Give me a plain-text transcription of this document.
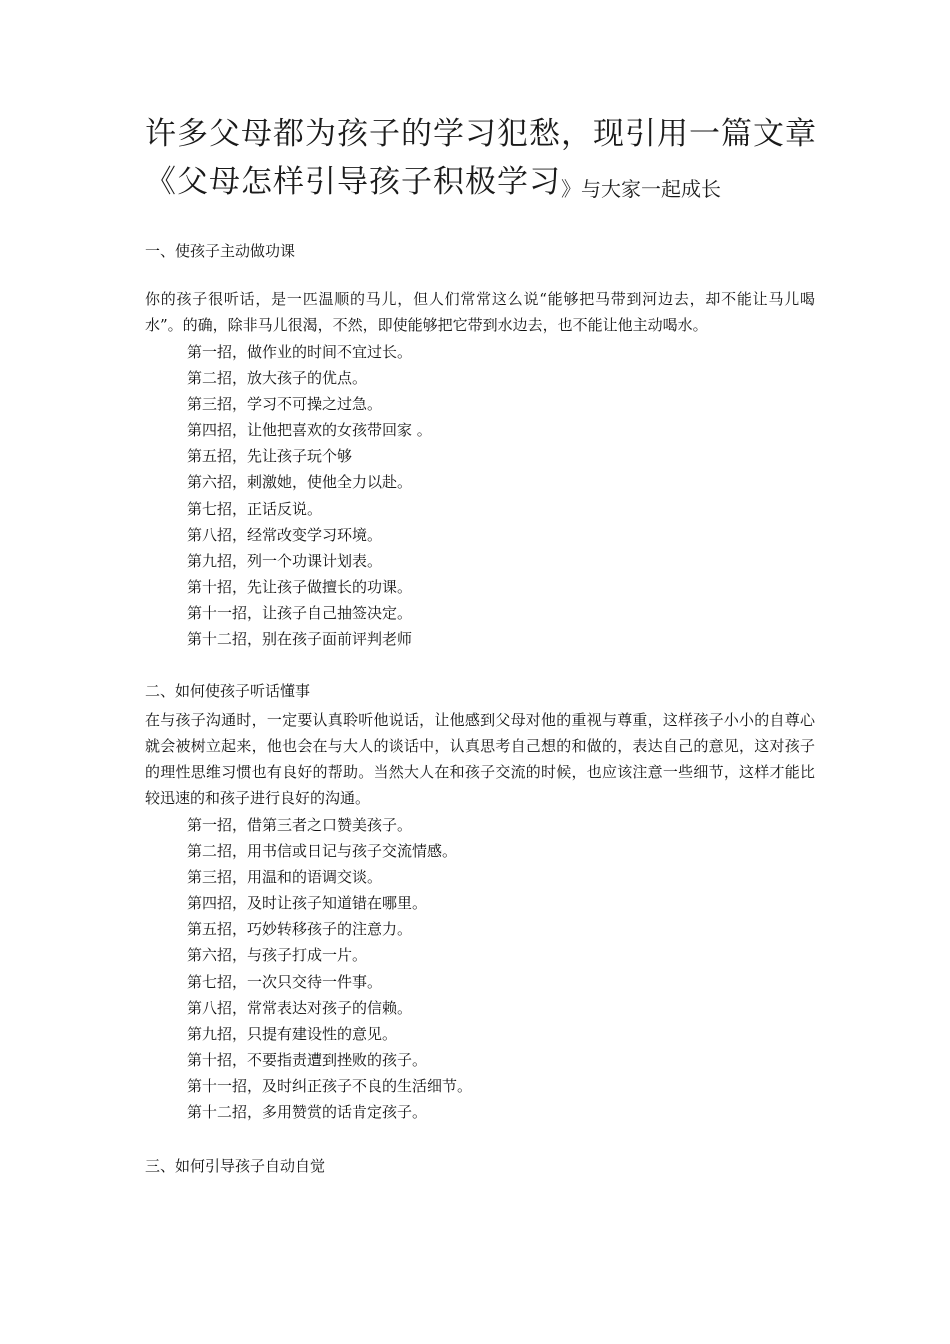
许多父母都为孩子的学习犯愁，现引用一篇文章《父母怎样引导孩子积极学习》与大家一起成长
一、使孩子主动做功课
你的孩子很听话，是一匹温顺的马儿，但人们常常这么说“能够把马带到河边去，却不能让马儿喝水”。的确，除非马儿很渴，不然，即使能够把它带到水边去，也不能让他主动喝水。
第一招，做作业的时间不宜过长。
第二招，放大孩子的优点。
第三招，学习不可操之过急。
第四招，让他把喜欢的女孩带回家 。
第五招，先让孩子玩个够
第六招，刺激她，使他全力以赴。
第七招，正话反说。
第八招，经常改变学习环境。
第九招，列一个功课计划表。
第十招，先让孩子做擅长的功课。
第十一招，让孩子自己抽签决定。
第十二招，别在孩子面前评判老师
二、如何使孩子听话懂事
在与孩子沟通时，一定要认真聆听他说话，让他感到父母对他的重视与尊重，这样孩子小小的自尊心就会被树立起来，他也会在与大人的谈话中，认真思考自己想的和做的，表达自己的意见，这对孩子的理性思维习惯也有良好的帮助。当然大人在和孩子交流的时候，也应该注意一些细节，这样才能比较迅速的和孩子进行良好的沟通。
第一招，借第三者之口赞美孩子。
第二招，用书信或日记与孩子交流情感。
第三招，用温和的语调交谈。
第四招，及时让孩子知道错在哪里。
第五招，巧妙转移孩子的注意力。
第六招，与孩子打成一片。
第七招，一次只交待一件事。
第八招，常常表达对孩子的信赖。
第九招，只提有建设性的意见。
第十招，不要指责遭到挫败的孩子。
第十一招，及时纠正孩子不良的生活细节。
第十二招，多用赞赏的话肯定孩子。
三、如何引导孩子自动自觉
